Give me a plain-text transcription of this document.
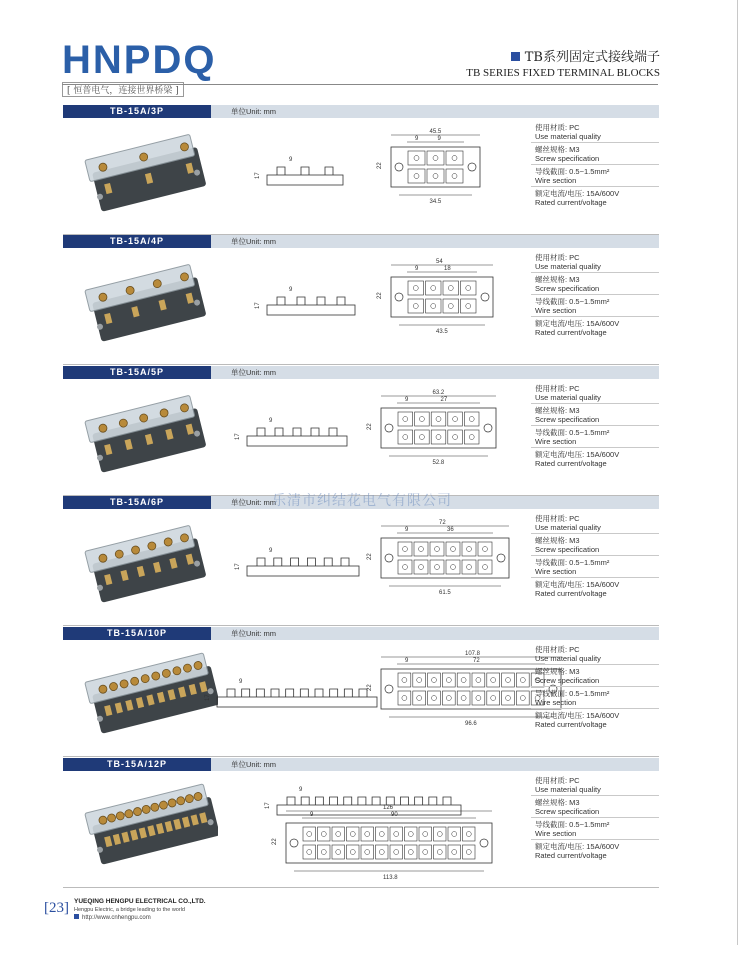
HNPDQ
[ 恒普电气，连接世界桥梁 ]
TB系列固定式接线端子
TB SERIES FIXED TERMINAL BLOCKS
TB-15A/3P	单位Unit: mm
17
9
45.5
9	9
34.5
22
使用材质: PC
Use material quality
螺丝规格: M3
Screw specification
导线截面: 0.5~1.5mm²
Wire section
额定电流/电压: 15A/600V
Rated current/voltage
TB-15A/4P	单位Unit: mm
17
9
54
9	18
43.5
22
使用材质: PC
Use material quality
螺丝规格: M3
Screw specification
导线截面: 0.5~1.5mm²
Wire section
额定电流/电压: 15A/600V
Rated current/voltage
TB-15A/5P	单位Unit: mm
17
9
63.2
9	27
52.8
22
使用材质: PC
Use material quality
螺丝规格: M3
Screw specification
导线截面: 0.5~1.5mm²
Wire section
额定电流/电压: 15A/600V
Rated current/voltage
TB-15A/6P	单位Unit: mm
17
9
72
9	36
61.5
22
使用材质: PC
Use material quality
螺丝规格: M3
Screw specification
导线截面: 0.5~1.5mm²
Wire section
额定电流/电压: 15A/600V
Rated current/voltage
TB-15A/10P	单位Unit: mm
17
9
107.8
9	72
96.6
22
使用材质: PC
Use material quality
螺丝规格: M3
Screw specification
导线截面: 0.5~1.5mm²
Wire section
额定电流/电压: 15A/600V
Rated current/voltage
TB-15A/12P	单位Unit: mm
17
9
126
9	90
113.8
22
使用材质: PC
Use material quality
螺丝规格: M3
Screw specification
导线截面: 0.5~1.5mm²
Wire section
额定电流/电压: 15A/600V
Rated current/voltage
乐清市纠结花电气有限公司
[23] YUEQING HENGPU ELECTRICAL CO.,LTD.
Hengpu Electric, a bridge leading to the world
http://www.cnhengpu.com
